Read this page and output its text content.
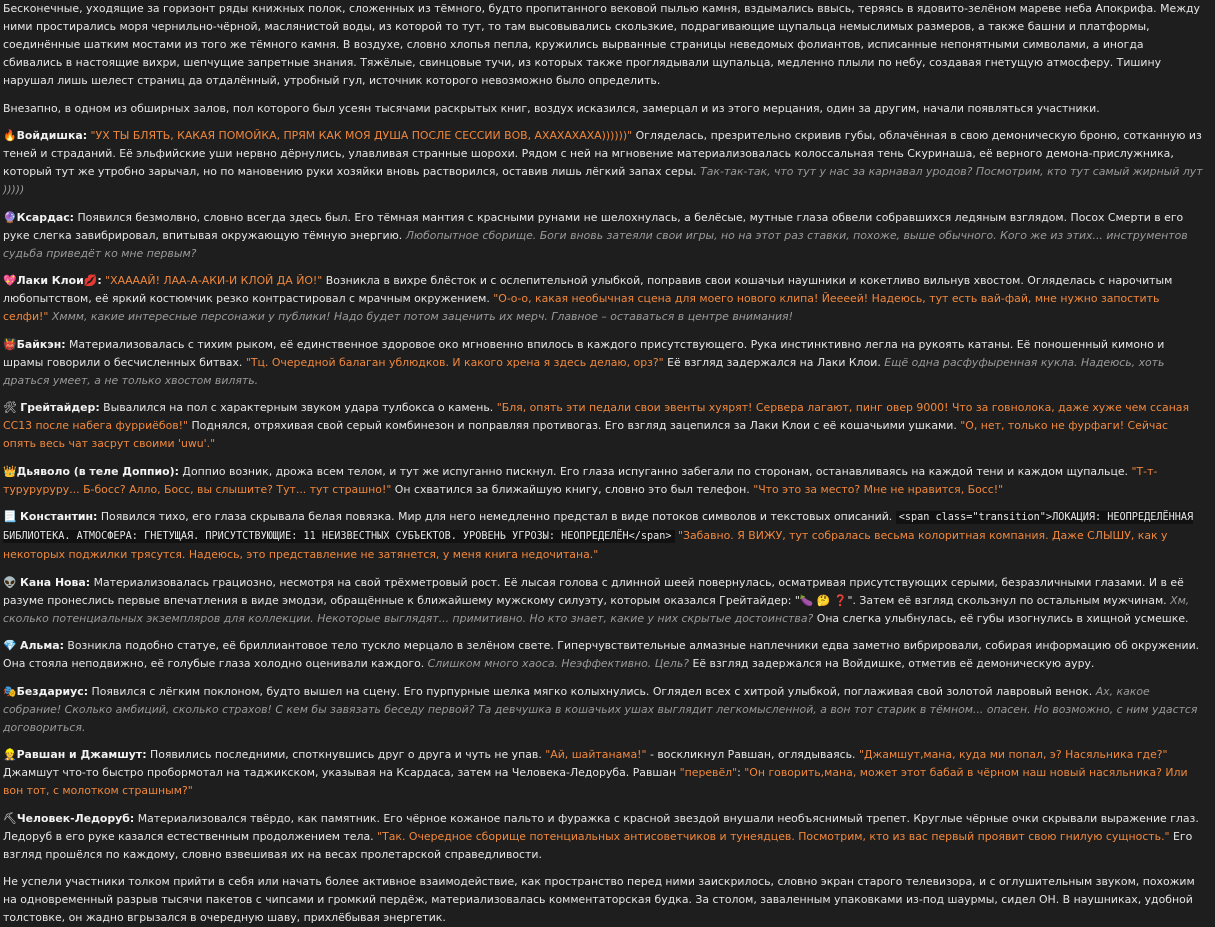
Бесконечные, уходящие за горизонт ряды книжных полок, сложенных из тёмного, будто пропитанного вековой пылью камня, вздымались ввысь, теряясь в ядовито-зелёном мареве неба Апокрифа. Между ними простирались моря чернильно-чёрной, маслянистой воды, из которой то тут, то там высовывались скользкие, подрагивающие щупальца немыслимых размеров, а также башни и платформы, соединённые шатким мостами из того же тёмного камня. В воздухе, словно хлопья пепла, кружились вырванные страницы неведомых фолиантов, исписанные непонятными символами, а иногда сбивались в настоящие вихри, шепчущие запретные знания. Тяжёлые, свинцовые тучи, из которых также проглядывали щупальца, медленно плыли по небу, создавая гнетущую атмосферу. Тишину нарушал лишь шелест страниц да отдалённый, утробный гул, источник которого невозможно было определить.

Внезапно, в одном из обширных залов, пол которого был усеян тысячами раскрытых книг, воздух исказился, замерцал и из этого мерцания, один за другим, начали появляться участники.

🔥Войдишка: "УХ ТЫ БЛЯТЬ, КАКАЯ ПОМОЙКА, ПРЯМ КАК МОЯ ДУША ПОСЛЕ СЕССИИ ВОВ, АХАХАХАХА))))))" Огляделась, презрительно скривив губы, облачённая в свою демоническую броню, сотканную из теней и страданий. Её эльфийские уши нервно дёрнулись, улавливая странные шорохи. Рядом с ней на мгновение материализовалась колоссальная тень Скуринаша, её верного демона-прислужника, который тут же утробно зарычал, но по мановению руки хозяйки вновь растворился, оставив лишь лёгкий запах серы. Так-так-так, что тут у нас за карнавал уродов? Посмотрим, кто тут самый жирный лут )))))

🔮Ксардас: Появился безмолвно, словно всегда здесь был. Его тёмная мантия с красными рунами не шелохнулась, а белёсые, мутные глаза обвели собравшихся ледяным взглядом. Посох Смерти в его руке слегка завибрировал, впитывая окружающую тёмную энергию. Любопытное сборище. Боги вновь затеяли свои игры, но на этот раз ставки, похоже, выше обычного. Кого же из этих... инструментов судьба приведёт ко мне первым?

💖Лаки Клои💋: "ХААААЙ! ЛАА-А-АКИ-И КЛОЙ ДА ЙО!" Возникла в вихре блёсток и с ослепительной улыбкой, поправив свои кошачьи наушники и кокетливо вильнув хвостом. Огляделась с нарочитым любопытством, её яркий костюмчик резко контрастировал с мрачным окружением. "О-о-о, какая необычная сцена для моего нового клипа! Йеееей! Надеюсь, тут есть вай-фай, мне нужно запостить селфи!" Хммм, какие интересные персонажи у публики! Надо будет потом заценить их мерч. Главное – оставаться в центре внимания!

👹Байкэн: Материализовалась с тихим рыком, её единственное здоровое око мгновенно впилось в каждого присутствующего. Рука инстинктивно легла на рукоять катаны. Её поношенный кимоно и шрамы говорили о бесчисленных битвах. "Тц. Очередной балаган ублюдков. И какого хрена я здесь делаю, орз?" Её взгляд задержался на Лаки Клои. Ещё одна расфуфыренная кукла. Надеюсь, хоть драться умеет, а не только хвостом вилять.

🛠 Грейтайдер: Вывалился на пол с характерным звуком удара тулбокса о камень. "Бля, опять эти педали свои эвенты хуярят! Сервера лагают, пинг овер 9000! Что за говнолока, даже хуже чем ссаная СС13 после набега фурриёбов!" Поднялся, отряхивая свой серый комбинезон и поправляя противогаз. Его взгляд зацепился за Лаки Клои с её кошачьими ушками. "О, нет, только не фурфаги! Сейчас опять весь чат засрут своими 'uwu'."

👑Дьяволо (в теле Доппио): Доппио возник, дрожа всем телом, и тут же испуганно пискнул. Его глаза испуганно забегали по сторонам, останавливаясь на каждой тени и каждом щупальце. "Т-т-туруруруру... Б-босс? Алло, Босс, вы слышите? Тут... тут страшно!" Он схватился за ближайшую книгу, словно это был телефон. "Что это за место? Мне не нравится, Босс!"

📃 Константин: Появился тихо, его глаза скрывала белая повязка. Мир для него немедленно предстал в виде потоков символов и текстовых описаний. <span class="transition">ЛОКАЦИЯ: НЕОПРЕДЕЛЁННАЯ БИБЛИОТЕКА. АТМОСФЕРА: ГНЕТУЩАЯ. ПРИСУТСТВУЮЩИЕ: 11 НЕИЗВЕСТНЫХ СУБЪЕКТОВ. УРОВЕНЬ УГРОЗЫ: НЕОПРЕДЕЛЁН</span> "Забавно. Я ВИЖУ, тут собралась весьма колоритная компания. Даже СЛЫШУ, как у некоторых поджилки трясутся. Надеюсь, это представление не затянется, у меня книга недочитана."

👽 Кана Нова: Материализовалась грациозно, несмотря на свой трёхметровый рост. Её лысая голова с длинной шеей повернулась, осматривая присутствующих серыми, безразличными глазами. И в её разуме пронеслись первые впечатления в виде эмодзи, обращённые к ближайшему мужскому силуэту, которым оказался Грейтайдер: "🍆 🤔 ❓". Затем её взгляд скользнул по остальным мужчинам. Хм, сколько потенциальных экземпляров для коллекции. Некоторые выглядят... примитивно. Но кто знает, какие у них скрытые достоинства? Она слегка улыбнулась, её губы изогнулись в хищной усмешке.

💎 Альма: Возникла подобно статуе, её бриллиантовое тело тускло мерцало в зелёном свете. Гиперчувствительные алмазные наплечники едва заметно вибрировали, собирая информацию об окружении. Она стояла неподвижно, её голубые глаза холодно оценивали каждого. Слишком много хаоса. Неэффективно. Цель? Её взгляд задержался на Войдишке, отметив её демоническую ауру.

🎭Бездариус: Появился с лёгким поклоном, будто вышел на сцену. Его пурпурные шелка мягко колыхнулись. Оглядел всех с хитрой улыбкой, поглаживая свой золотой лавровый венок. Ах, какое собрание! Сколько амбиций, сколько страхов! С кем бы завязать беседу первой? Та девчушка в кошачьих ушах выглядит легкомысленной, а вон тот старик в тёмном... опасен. Но возможно, с ним удастся договориться.

👷Равшан и Джамшут: Появились последними, споткнувшись друг о друга и чуть не упав. "Ай, шайтанама!" - воскликнул Равшан, оглядываясь. "Джамшут,мана, куда ми попал, э? Насяльника где?" Джамшут что-то быстро пробормотал на таджикском, указывая на Ксардаса, затем на Человека-Ледоруба. Равшан "перевёл": "Он говорить,мана, может этот бабай в чёрном наш новый насяльника? Или вон тот, с молотком страшным?"

⛏Человек-Ледоруб: Материализовался твёрдо, как памятник. Его чёрное кожаное пальто и фуражка с красной звездой внушали необъяснимый трепет. Круглые чёрные очки скрывали выражение глаз. Ледоруб в его руке казался естественным продолжением тела. "Так. Очередное сборище потенциальных антисоветчиков и тунеядцев. Посмотрим, кто из вас первый проявит свою гнилую сущность." Его взгляд прошёлся по каждому, словно взвешивая их на весах пролетарской справедливости.

Не успели участники толком прийти в себя или начать более активное взаимодействие, как пространство перед ними заискрилось, словно экран старого телевизора, и с оглушительным звуком, похожим на одновременный разрыв тысячи пакетов с чипсами и громкий пердёж, материализовалась комментаторская будка. За столом, заваленным упаковками из-под шаурмы, сидел ОН. В наушниках, удобной толстовке, он жадно вгрызался в очередную шаву, прихлёбывая энергетик.
